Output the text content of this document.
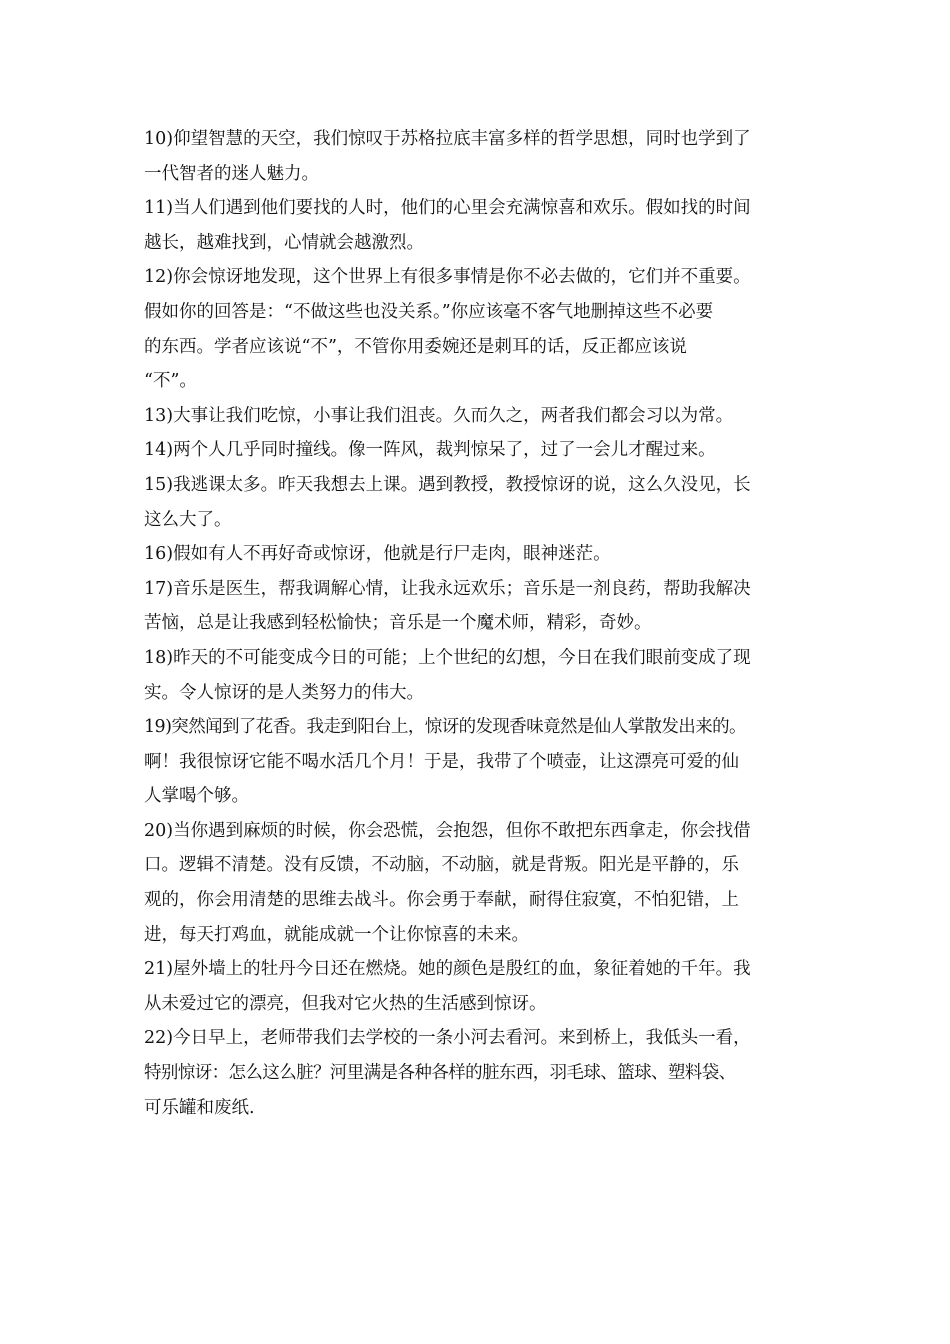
10)仰望智慧的天空，我们惊叹于苏格拉底丰富多样的哲学思想，同时也学到了
一代智者的迷人魅力。
11)当人们遇到他们要找的人时，他们的心里会充满惊喜和欢乐。假如找的时间
越长，越难找到，心情就会越激烈。
12)你会惊讶地发现，这个世界上有很多事情是你不必去做的，它们并不重要。
假如你的回答是：“不做这些也没关系。”你应该毫不客气地删掉这些不必要
的东西。学者应该说“不”，不管你用委婉还是刺耳的话，反正都应该说
“不”。
13)大事让我们吃惊，小事让我们沮丧。久而久之，两者我们都会习以为常。
14)两个人几乎同时撞线。像一阵风，裁判惊呆了，过了一会儿才醒过来。
15)我逃课太多。昨天我想去上课。遇到教授，教授惊讶的说，这么久没见，长
这么大了。
16)假如有人不再好奇或惊讶，他就是行尸走肉，眼神迷茫。
17)音乐是医生，帮我调解心情，让我永远欢乐；音乐是一剂良药，帮助我解决
苦恼，总是让我感到轻松愉快；音乐是一个魔术师，精彩，奇妙。
18)昨天的不可能变成今日的可能；上个世纪的幻想，今日在我们眼前变成了现
实。令人惊讶的是人类努力的伟大。
19)突然闻到了花香。我走到阳台上，惊讶的发现香味竟然是仙人掌散发出来的。
啊！我很惊讶它能不喝水活几个月！于是，我带了个喷壶，让这漂亮可爱的仙
人掌喝个够。
20)当你遇到麻烦的时候，你会恐慌，会抱怨，但你不敢把东西拿走，你会找借
口。逻辑不清楚。没有反馈，不动脑，不动脑，就是背叛。阳光是平静的，乐
观的，你会用清楚的思维去战斗。你会勇于奉献，耐得住寂寞，不怕犯错，上
进，每天打鸡血，就能成就一个让你惊喜的未来。
21)屋外墙上的牡丹今日还在燃烧。她的颜色是殷红的血，象征着她的千年。我
从未爱过它的漂亮，但我对它火热的生活感到惊讶。
22)今日早上，老师带我们去学校的一条小河去看河。来到桥上，我低头一看，
特别惊讶：怎么这么脏？河里满是各种各样的脏东西，羽毛球、篮球、塑料袋、
可乐罐和废纸.
